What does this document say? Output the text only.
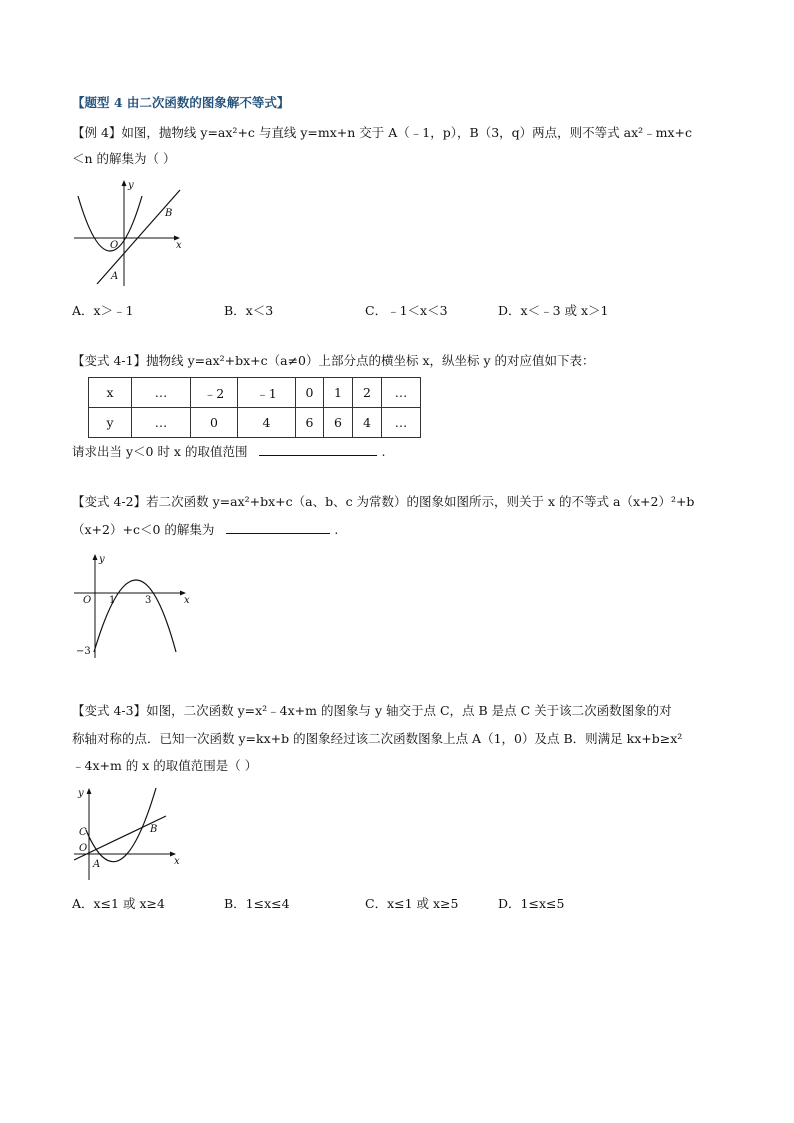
【题型 4 由二次函数的图象解不等式】
【例 4】如图，抛物线 y=ax²+c 与直线 y=mx+n 交于 A（﹣1，p），B（3，q）两点，则不等式 ax²﹣mx+c
＜n 的解集为（ ）
y
x
O
A
B
A．x＞﹣1	B．x＜3	C．﹣1＜x＜3	D．x＜﹣3 或 x＞1
【变式 4-1】抛物线 y=ax²+bx+c（a≠0）上部分点的横坐标 x，纵坐标 y 的对应值如下表：
x	…	﹣2	﹣1	0	1	2	…
y	…	0	4	6	6	4	…
请求出当 y＜0 时 x 的取值范围	.
【变式 4-2】若二次函数 y=ax²+bx+c（a、b、c 为常数）的图象如图所示，则关于 x 的不等式 a（x+2）²+b
（x+2）+c＜0 的解集为	.
y
x
O 1	3
−3
【变式 4-3】如图，二次函数 y=x²﹣4x+m 的图象与 y 轴交于点 C，点 B 是点 C 关于该二次函数图象的对
称轴对称的点．已知一次函数 y=kx+b 的图象经过该二次函数图象上点 A（1，0）及点 B．则满足 kx+b≥x²
﹣4x+m 的 x 的取值范围是（ ）
y
x
O
A
B
C
A．x≤1 或 x≥4	B．1≤x≤4	C．x≤1 或 x≥5	D．1≤x≤5
